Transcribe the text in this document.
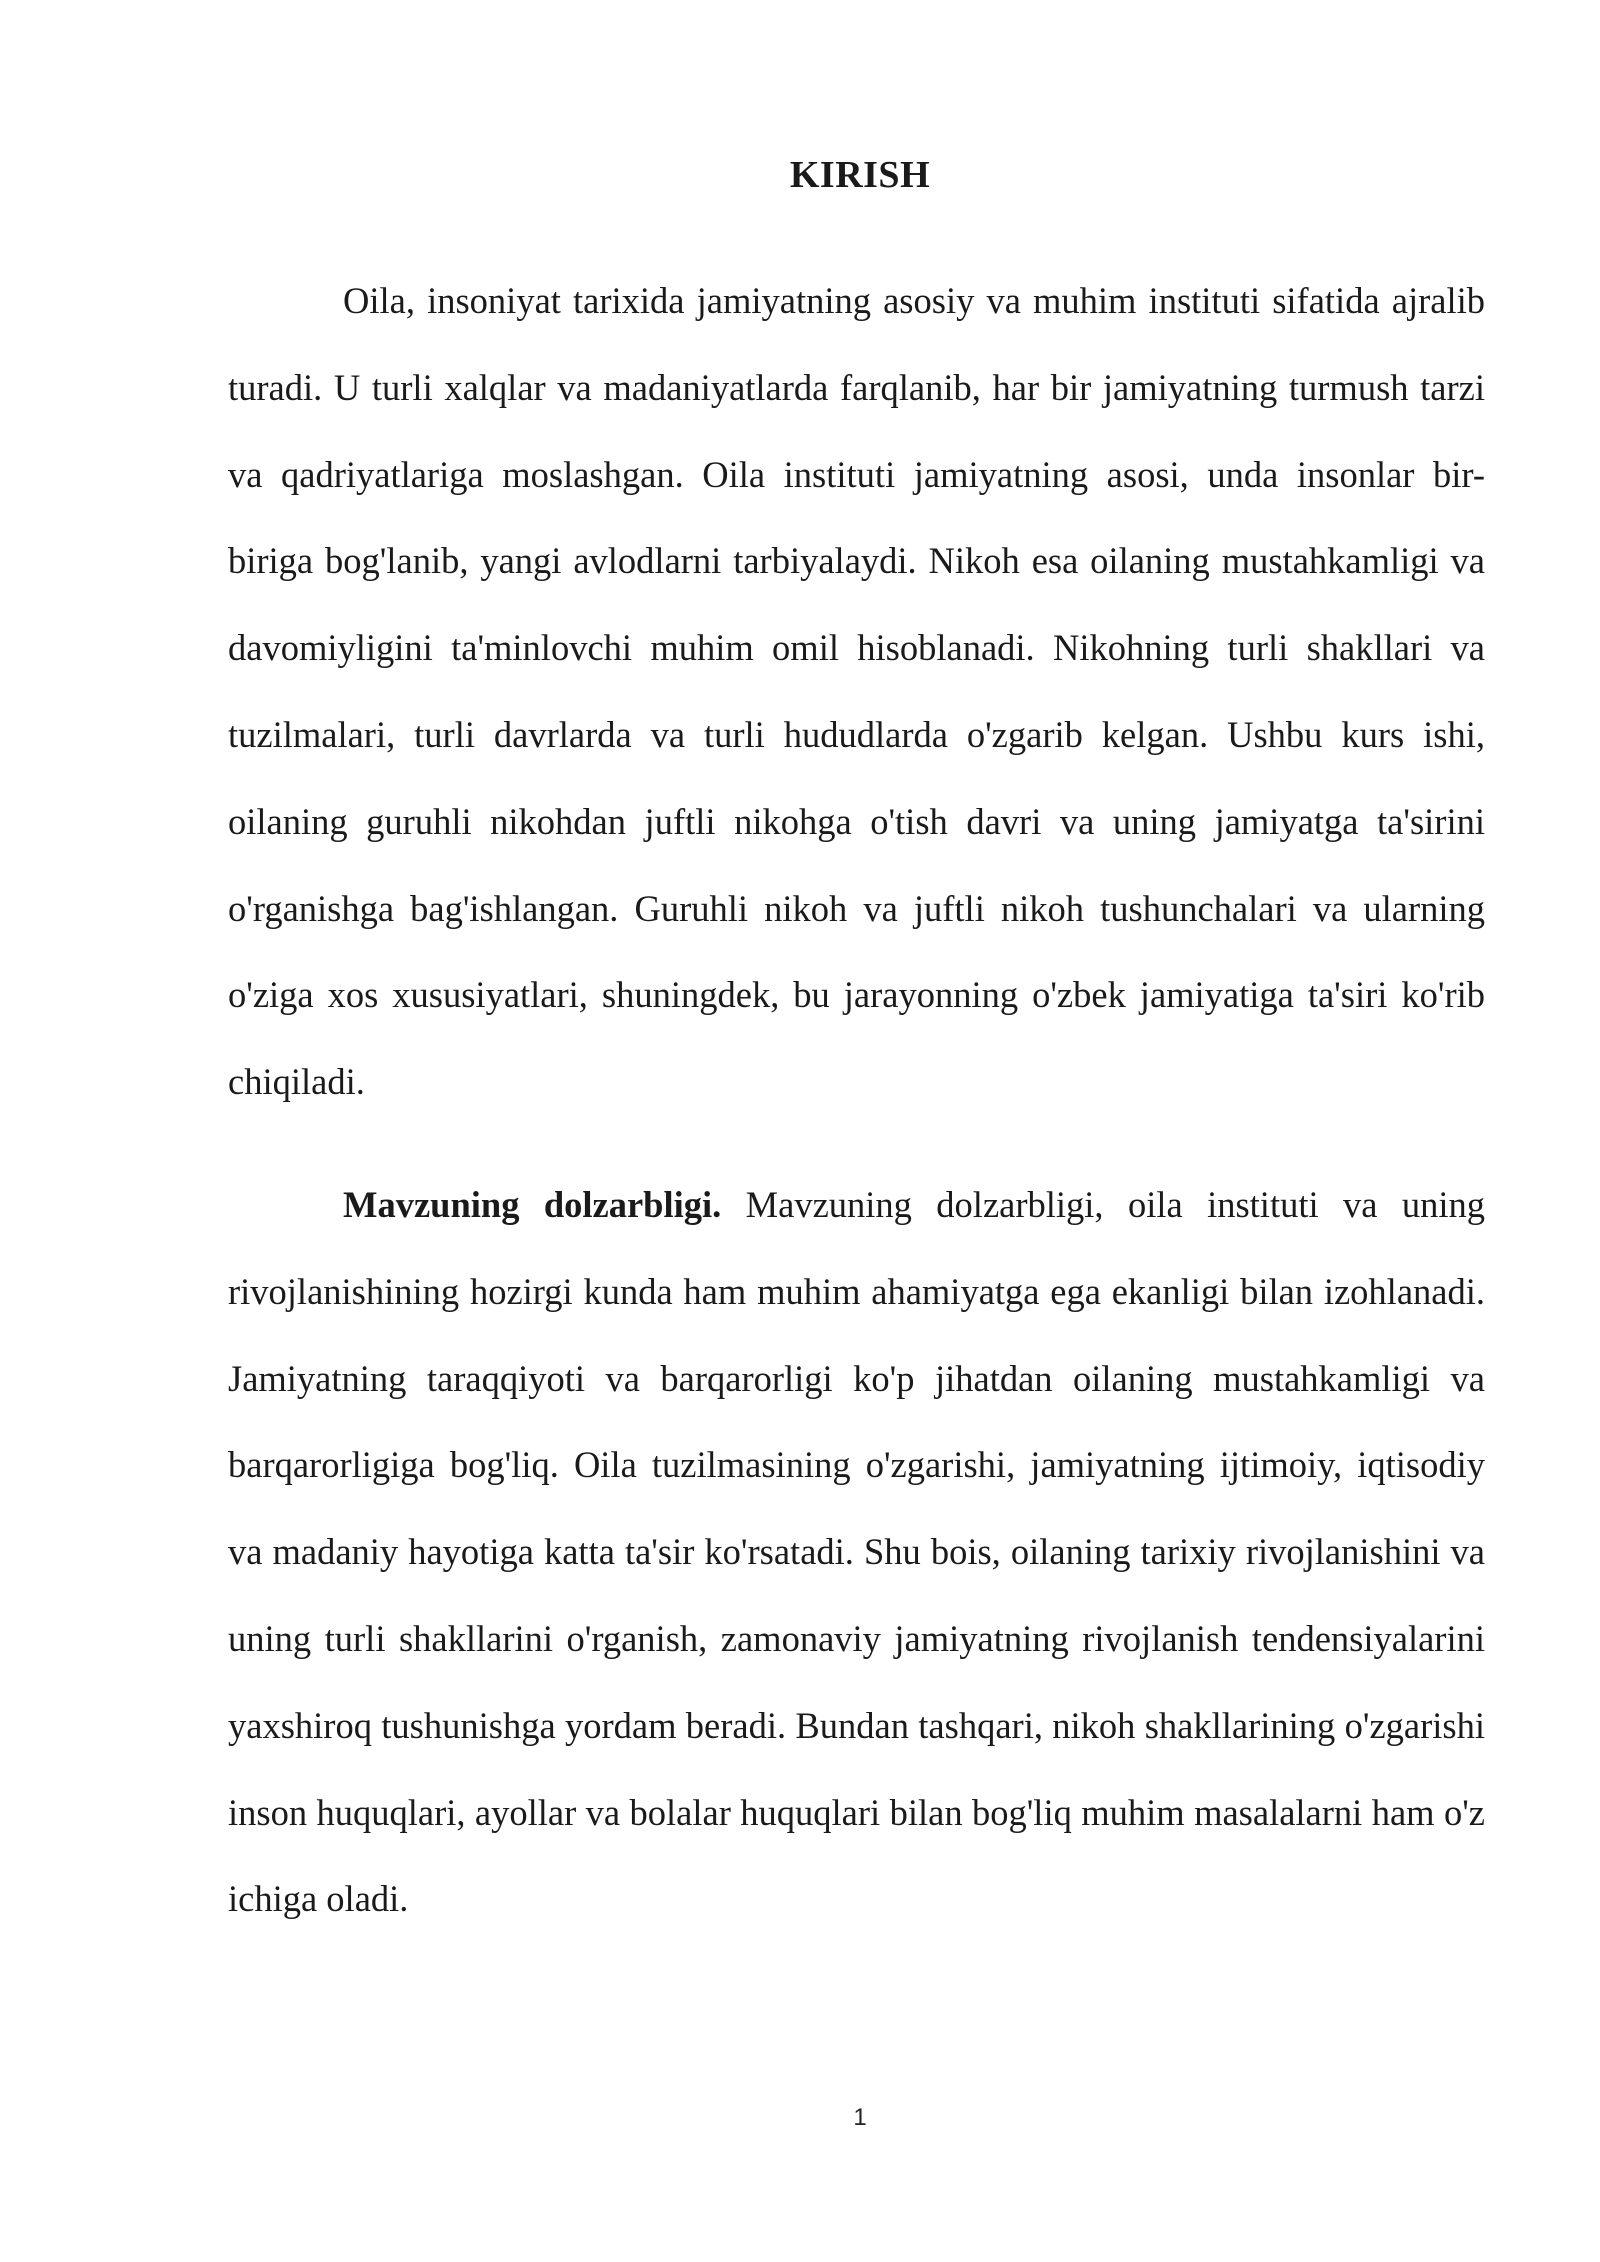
KIRISH

Oila, insoniyat tarixida jamiyatning asosiy va muhim instituti sifatida ajralib turadi. U turli xalqlar va madaniyatlarda farqlanib, har bir jamiyatning turmush tarzi va qadriyatlariga moslashgan. Oila instituti jamiyatning asosi, unda insonlar bir-biriga bog'lanib, yangi avlodlarni tarbiyalaydi. Nikoh esa oilaning mustahkamligi va davomiyligini ta'minlovchi muhim omil hisoblanadi. Nikohning turli shakllari va tuzilmalari, turli davrlarda va turli hududlarda o'zgarib kelgan. Ushbu kurs ishi, oilaning guruhli nikohdan juftli nikohga o'tish davri va uning jamiyatga ta'sirini o'rganishga bag'ishlangan. Guruhli nikoh va juftli nikoh tushunchalari va ularning o'ziga xos xususiyatlari, shuningdek, bu jarayonning o'zbek jamiyatiga ta'siri ko'rib chiqiladi.

Mavzuning dolzarbligi. Mavzuning dolzarbligi, oila instituti va uning rivojlanishining hozirgi kunda ham muhim ahamiyatga ega ekanligi bilan izohlanadi. Jamiyatning taraqqiyoti va barqarorligi ko'p jihatdan oilaning mustahkamligi va barqarorligiga bog'liq. Oila tuzilmasining o'zgarishi, jamiyatning ijtimoiy, iqtisodiy va madaniy hayotiga katta ta'sir ko'rsatadi. Shu bois, oilaning tarixiy rivojlanishini va uning turli shakllarini o'rganish, zamonaviy jamiyatning rivojlanish tendensiyalarini yaxshiroq tushunishga yordam beradi. Bundan tashqari, nikoh shakllarining o'zgarishi inson huquqlari, ayollar va bolalar huquqlari bilan bog'liq muhim masalalarni ham o'z ichiga oladi.

1
